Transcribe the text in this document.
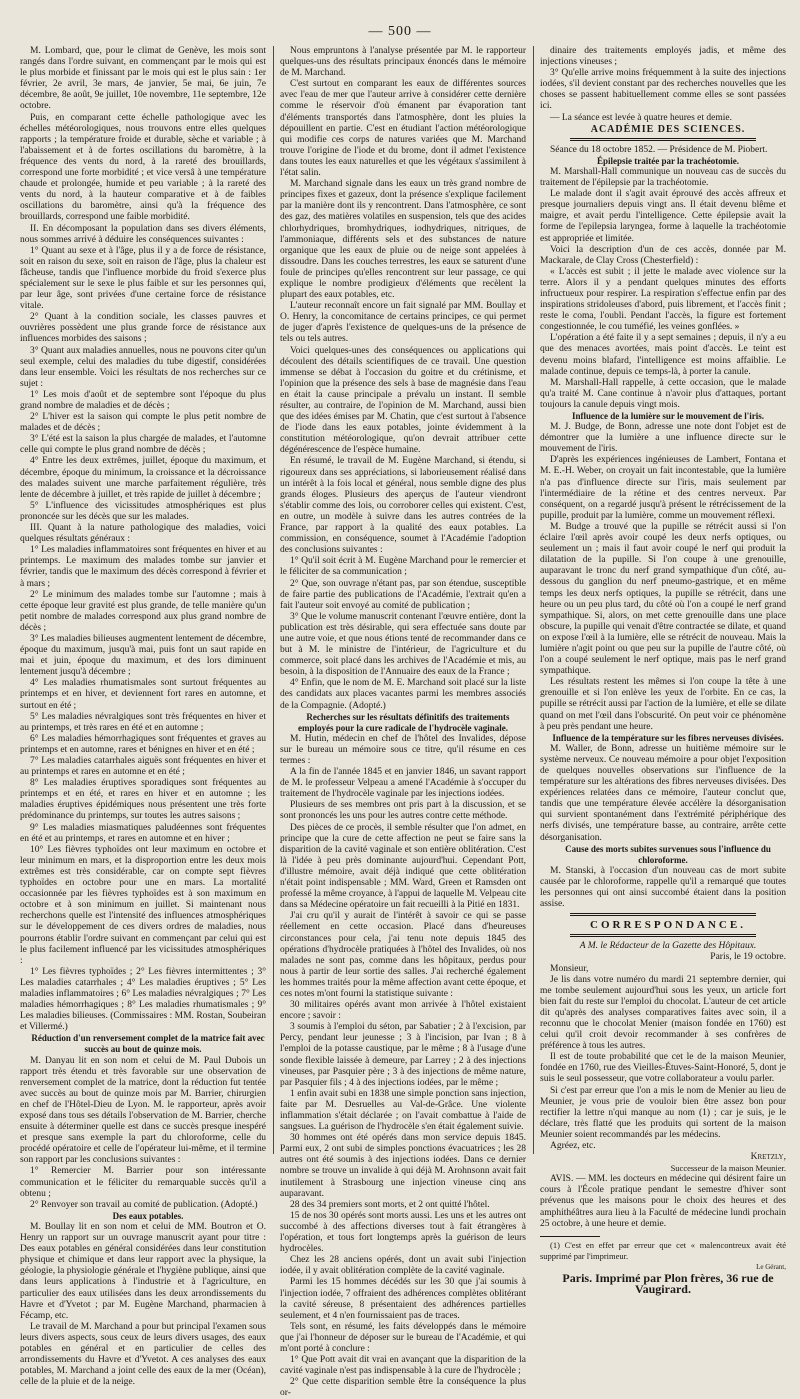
— 500 —

M. Lombard, que, pour le climat de Genève, les mois sont rangés dans l'ordre suivant, en commençant par le mois qui est le plus morbide et finissant par le mois qui est le plus sain : 1er février, 2e avril, 3e mars, 4e janvier, 5e mai, 6e juin, 7e décembre, 8e août, 9e juillet, 10e novembre, 11e septembre, 12e octobre.

Puis, en comparant cette échelle pathologique avec les échelles météorologiques, nous trouvons entre elles quelques rapports ; la température froide et durable, sèche et variable ; à l'abaissement et à de fortes oscillations du baromètre, à la fréquence des vents du nord, à la rareté des brouillards, correspond une forte morbidité ; et vice versâ à une température chaude et prolongée, humide et peu variable ; à la rareté des vents du nord, à la hauteur comparative et à de faibles oscillations du baromètre, ainsi qu'à la fréquence des brouillards, correspond une faible morbidité.

II. En décomposant la population dans ses divers éléments, nous sommes arrivé à déduire les conséquences suivantes :

1° Quant au sexe et à l'âge, plus il y a de force de résistance, soit en raison du sexe, soit en raison de l'âge, plus la chaleur est fâcheuse, tandis que l'influence morbide du froid s'exerce plus spécialement sur le sexe le plus faible et sur les personnes qui, par leur âge, sont privées d'une certaine force de résistance vitale.

2° Quant à la condition sociale, les classes pauvres et ouvrières possèdent une plus grande force de résistance aux influences morbides des saisons ;

3° Quant aux maladies annuelles, nous ne pouvons citer qu'un seul exemple, celui des maladies du tube digestif, considérées dans leur ensemble. Voici les résultats de nos recherches sur ce sujet :

1° Les mois d'août et de septembre sont l'époque du plus grand nombre de maladies et de décès ;

2° L'hiver est la saison qui compte le plus petit nombre de malades et de décès ;

3° L'été est la saison la plus chargée de malades, et l'automne celle qui compte le plus grand nombre de décès ;

4° Entre les deux extrêmes, juillet, époque du maximum, et décembre, époque du minimum, la croissance et la décroissance des malades suivent une marche parfaitement régulière, très lente de décembre à juillet, et très rapide de juillet à décembre ;

5° L'influence des vicissitudes atmosphériques est plus prononcée sur les décès que sur les malades.

III. Quant à la nature pathologique des maladies, voici quelques résultats généraux :

1° Les maladies inflammatoires sont fréquentes en hiver et au printemps. Le maximum des malades tombe sur janvier et février, tandis que le maximum des décès correspond à février et à mars ;

2° Le minimum des malades tombe sur l'automne ; mais à cette époque leur gravité est plus grande, de telle manière qu'un petit nombre de malades correspond aux plus grand nombre de décès ;

3° Les maladies bilieuses augmentent lentement de décembre, époque du maximum, jusqu'à mai, puis font un saut rapide en mai et juin, époque du maximum, et des lors diminuent lentement jusqu'à décembre ;

4° Les maladies rhumatismales sont surtout fréquentes au printemps et en hiver, et deviennent fort rares en automne, et surtout en été ;

5° Les maladies névralgiques sont très fréquentes en hiver et au printemps, et très rares en été et en automne ;

6° Les maladies hémorrhagiques sont fréquentes et graves au printemps et en automne, rares et bénignes en hiver et en été ;

7° Les maladies catarrhales aiguës sont fréquentes en hiver et au printemps et rares en automne et en été ;

8° Les maladies éruptives sporadiques sont fréquentes au printemps et en été, et rares en hiver et en automne ; les maladies éruptives épidémiques nous présentent une très forte prédominance du printemps, sur toutes les autres saisons ;

9° Les maladies miasmatiques paludéennes sont fréquentes en été et au printemps, et rares en automne et en hiver ;

10° Les fièvres typhoïdes ont leur maximum en octobre et leur minimum en mars, et la disproportion entre les deux mois extrêmes est très considérable, car on compte sept fièvres typhoïdes en octobre pour une en mars. La mortalité occasionnée par les fièvres typhoïdes est à son maximum en octobre et à son minimum en juillet. Si maintenant nous recherchons quelle est l'intensité des influences atmosphériques sur le développement de ces divers ordres de maladies, nous pourrons établir l'ordre suivant en commençant par celui qui est le plus facilement influencé par les vicissitudes atmosphériques :

1° Les fièvres typhoïdes ; 2° Les fièvres intermittentes ; 3° Les maladies catarrhales ; 4° Les maladies éruptives ; 5° Les maladies inflammatoires ; 6° Les maladies névralgiques ; 7° Les maladies hémorrhagiques ; 8° Les maladies rhumatismales ; 9° Les maladies bilieuses. (Commissaires : MM. Rostan, Soubeiran et Villermé.)

Réduction d'un renversement complet de la matrice fait avec succès au bout de quinze mois.

M. Danyau lit en son nom et celui de M. Paul Dubois un rapport très étendu et très favorable sur une observation de renversement complet de la matrice, dont la réduction fut tentée avec succès au bout de quinze mois par M. Barrier, chirurgien en chef de l'Hôtel-Dieu de Lyon. M. le rapporteur, après avoir exposé dans tous ses détails l'observation de M. Barrier, cherche ensuite à déterminer quelle est dans ce succès presque inespéré et presque sans exemple la part du chloroforme, celle du procédé opératoire et celle de l'opérateur lui-même, et il termine son rapport par les conclusions suivantes :

1° Remercier M. Barrier pour son intéressante communication et le féliciter du remarquable succès qu'il a obtenu ;

2° Renvoyer son travail au comité de publication. (Adopté.)

Des eaux potables.

M. Boullay lit en son nom et celui de MM. Boutron et O. Henry un rapport sur un ouvrage manuscrit ayant pour titre : Des eaux potables en général considérées dans leur constitution physique et chimique et dans leur rapport avec la physique, la géologie, la physiologie générale et l'hygiène publique, ainsi que dans leurs applications à l'industrie et à l'agriculture, en particulier des eaux utilisées dans les deux arrondissements du Havre et d'Yvetot ; par M. Eugène Marchand, pharmacien à Fécamp, etc.

Le travail de M. Marchand a pour but principal l'examen sous leurs divers aspects, sous ceux de leurs divers usages, des eaux potables en général et en particulier de celles des arrondissements du Havre et d'Yvetot. A ces analyses des eaux potables, M. Marchand a joint celle des eaux de la mer (Océan), celle de la pluie et de la neige.

Nous empruntons à l'analyse présentée par M. le rapporteur quelques-uns des résultats principaux énoncés dans le mémoire de M. Marchand.

C'est surtout en comparant les eaux de différentes sources avec l'eau de mer que l'auteur arrive à considérer cette dernière comme le réservoir d'où émanent par évaporation tant d'éléments transportés dans l'atmosphère, dont les pluies la dépouillent en partie. C'est en étudiant l'action météorologique qui modifie ces corps de natures variées que M. Marchand trouve l'origine de l'iode et du brome, dont il admet l'existence dans toutes les eaux naturelles et que les végétaux s'assimilent à l'état salin.

M. Marchand signale dans les eaux un très grand nombre de principes fixes et gazeux, dont la présence s'explique facilement par la manière dont ils y rencontrent. Dans l'atmosphère, ce sont des gaz, des matières volatiles en suspension, tels que des acides chlorhydriques, bromhydriques, iodhydriques, nitriques, de l'ammoniaque, différents sels et des substances de nature organique que les eaux de pluie ou de neige sont appelées à dissoudre. Dans les couches terrestres, les eaux se saturent d'une foule de principes qu'elles rencontrent sur leur passage, ce qui explique le nombre prodigieux d'éléments que recèlent la plupart des eaux potables, etc.

L'auteur reconnaît encore un fait signalé par MM. Boullay et O. Henry, la concomitance de certains principes, ce qui permet de juger d'après l'existence de quelques-uns de la présence de tels ou tels autres.

Voici quelques-unes des conséquences ou applications qui découlent des détails scientifiques de ce travail. Une question immense se débat à l'occasion du goitre et du crétinisme, et l'opinion que la présence des sels à base de magnésie dans l'eau en était la cause principale a prévalu un instant. Il semble résulter, au contraire, de l'opinion de M. Marchand, aussi bien que des idées émises par M. Chatin, que c'est surtout à l'absence de l'iode dans les eaux potables, jointe évidemment à la constitution météorologique, qu'on devrait attribuer cette dégénérescence de l'espèce humaine.

En résumé, le travail de M. Eugène Marchand, si étendu, si rigoureux dans ses appréciations, si laborieusement réalisé dans un intérêt à la fois local et général, nous semble digne des plus grands éloges. Plusieurs des aperçus de l'auteur viendront s'établir comme des lois, ou corroborer celles qui existent. C'est, en outre, un modèle à suivre dans les autres contrées de la France, par rapport à la qualité des eaux potables. La commission, en conséquence, soumet à l'Académie l'adoption des conclusions suivantes :

1° Qu'il soit écrit à M. Eugène Marchand pour le remercier et le féliciter de sa communication ;

2° Que, son ouvrage n'étant pas, par son étendue, susceptible de faire partie des publications de l'Académie, l'extrait qu'en a fait l'auteur soit envoyé au comité de publication ;

3° Que le volume manuscrit contenant l'œuvre entière, dont la publication est très désirable, qui sera effectuée sans doute par une autre voie, et que nous étions tenté de recommander dans ce but à M. le ministre de l'intérieur, de l'agriculture et du commerce, soit placé dans les archives de l'Académie et mis, au besoin, à la disposition de l'Annuaire des eaux de la France ;

4° Enfin, que le nom de M. E. Marchand soit placé sur la liste des candidats aux places vacantes parmi les membres associés de la Compagnie. (Adopté.)

Recherches sur les résultats définitifs des traitements employés pour la cure radicale de l'hydrocèle vaginale.

M. Hutin, médecin en chef de l'hôtel des Invalides, dépose sur le bureau un mémoire sous ce titre, qu'il résume en ces termes :

A la fin de l'année 1845 et en janvier 1846, un savant rapport de M. le professeur Velpeau a amené l'Académie à s'occuper du traitement de l'hydrocèle vaginale par les injections iodées.

Plusieurs de ses membres ont pris part à la discussion, et se sont prononcés les uns pour les autres contre cette méthode.

Des pièces de ce procès, il semble résulter que l'on admet, en principe que la cure de cette affection ne peut se faire sans la disparition de la cavité vaginale et son entière oblitération. C'est là l'idée à peu près dominante aujourd'hui. Cependant Pott, d'illustre mémoire, avait déjà indiqué que cette oblitération n'était point indispensable ; MM. Ward, Green et Ramsden ont professé la même croyance, à l'appui de laquelle M. Velpeau cite dans sa Médecine opératoire un fait recueilli à la Pitié en 1831.

J'ai cru qu'il y aurait de l'intérêt à savoir ce qui se passe réellement en cette occasion. Placé dans d'heureuses circonstances pour cela, j'ai tenu note depuis 1845 des opérations d'hydrocèle pratiquées à l'hôtel des Invalides, où nos malades ne sont pas, comme dans les hôpitaux, perdus pour nous à partir de leur sortie des salles. J'ai recherché également les hommes traités pour la même affection avant cette époque, et ces notes m'ont fourni la statistique suivante :

30 militaires opérés avant mon arrivée à l'hôtel existaient encore ; savoir :

3 soumis à l'emploi du séton, par Sabatier ; 2 à l'excision, par Percy, pendant leur jeunesse ; 3 à l'incision, par Ivan ; 8 à l'emploi de la potasse caustique, par le même ; 8 à l'usage d'une sonde flexible laissée à demeure, par Larrey ; 2 à des injections vineuses, par Pasquier père ; 3 à des injections de même nature, par Pasquier fils ; 4 à des injections iodées, par le même ;

1 enfin avait subi en 1838 une simple ponction sans injection, faite par M. Desruelles au Val-de-Grâce. Une violente inflammation s'était déclarée ; on l'avait combattue à l'aide de sangsues. La guérison de l'hydrocèle s'en était également suivie.

30 hommes ont été opérés dans mon service depuis 1845. Parmi eux, 2 ont subi de simples ponctions évacuatrices ; les 28 autres ont été soumis à des injections iodées. Dans ce dernier nombre se trouve un invalide à qui déjà M. Arohnsonn avait fait inutilement à Strasbourg une injection vineuse cinq ans auparavant.

28 des 34 premiers sont morts, et 2 ont quitté l'hôtel.

15 de nos 30 opérés sont morts aussi. Les uns et les autres ont succombé à des affections diverses tout à fait étrangères à l'opération, et tous fort longtemps après la guérison de leurs hydrocèles.

Chez les 28 anciens opérés, dont un avait subi l'injection iodée, il y avait oblitération complète de la cavité vaginale.

Parmi les 15 hommes décédés sur les 30 que j'ai soumis à l'injection iodée, 7 offraient des adhérences complètes oblitérant la cavité séreuse, 8 présentaient des adhérences partielles seulement, et 4 n'en fournissaient pas de traces.

Tels sont, en résumé, les faits développés dans le mémoire que j'ai l'honneur de déposer sur le bureau de l'Académie, et qui m'ont porté à conclure :

1° Que Pott avait dit vrai en avançant que la disparition de la cavité vaginale n'est pas indispensable à la cure de l'hydrocèle ;

2° Que cette disparition semble être la conséquence la plus or-

dinaire des traitements employés jadis, et même des injections vineuses ;

3° Qu'elle arrive moins fréquemment à la suite des injections iodées, s'il devient constant par des recherches nouvelles que les choses se passent habituellement comme elles se sont passées ici.

— La séance est levée à quatre heures et demie.

ACADÉMIE DES SCIENCES.

Séance du 18 octobre 1852. — Présidence de M. Piobert.

Épilepsie traitée par la trachéotomie.

M. Marshall-Hall communique un nouveau cas de succès du traitement de l'épilepsie par la trachéotomie.

Le malade dont il s'agit avait éprouvé des accès affreux et presque journaliers depuis vingt ans. Il était devenu blême et maigre, et avait perdu l'intelligence. Cette épilepsie avait la forme de l'epilepsia laryngea, forme à laquelle la trachéotomie est appropriée et limitée.

Voici la description d'un de ces accès, donnée par M. Mackarale, de Clay Cross (Chesterfield) :

« L'accès est subit ; il jette le malade avec violence sur la terre. Alors il y a pendant quelques minutes des efforts infructueux pour respirer. La respiration s'effectue enfin par des inspirations stridoleuses d'abord, puis librement, et l'accès finit ; reste le coma, l'oubli. Pendant l'accès, la figure est fortement congestionnée, le cou tuméfié, les veines gonflées. »

L'opération a été faite il y a sept semaines ; depuis, il n'y a eu que des menaces avortées, mais point d'accès. Le teint est devenu moins blafard, l'intelligence est moins affaiblie. Le malade continue, depuis ce temps-là, à porter la canule.

M. Marshall-Hall rappelle, à cette occasion, que le malade qu'a traité M. Cane continue à n'avoir plus d'attaques, portant toujours la canule depuis vingt mois.

Influence de la lumière sur le mouvement de l'iris.

M. J. Budge, de Bonn, adresse une note dont l'objet est de démontrer que la lumière a une influence directe sur le mouvement de l'iris.

D'après les expériences ingénieuses de Lambert, Fontana et M. E.-H. Weber, on croyait un fait incontestable, que la lumière n'a pas d'influence directe sur l'iris, mais seulement par l'intermédiaire de la rétine et des centres nerveux. Par conséquent, on a regardé jusqu'à présent le rétrécissement de la pupille, produit par la lumière, comme un mouvement réflexi.

M. Budge a trouvé que la pupille se rétrécit aussi si l'on éclaire l'œil après avoir coupé les deux nerfs optiques, ou seulement un ; mais il faut avoir coupé le nerf qui produit la dilatation de la pupille. Si l'on coupe à une grenouille, auparavant le tronc du nerf grand sympathique d'un côté, au-dessous du ganglion du nerf pneumo-gastrique, et en même temps les deux nerfs optiques, la pupille se rétrécit, dans une heure ou un peu plus tard, du côté où l'on a coupé le nerf grand sympathique. Si, alors, on met cette grenouille dans une place obscure, la pupille qui venait d'être contractée se dilate, et quand on expose l'œil à la lumière, elle se rétrécit de nouveau. Mais la lumière n'agit point ou que peu sur la pupille de l'autre côté, où l'on a coupé seulement le nerf optique, mais pas le nerf grand sympathique.

Les résultats restent les mêmes si l'on coupe la tête à une grenouille et si l'on enlève les yeux de l'orbite. En ce cas, la pupille se rétrécit aussi par l'action de la lumière, et elle se dilate quand on met l'œil dans l'obscurité. On peut voir ce phénomène à peu près pendant une heure.

Influence de la température sur les fibres nerveuses divisées.

M. Waller, de Bonn, adresse un huitième mémoire sur le système nerveux. Ce nouveau mémoire a pour objet l'exposition de quelques nouvelles observations sur l'influence de la température sur les altérations des fibres nerveuses divisées. Des expériences relatées dans ce mémoire, l'auteur conclut que, tandis que une température élevée accélère la désorganisation qui survient spontanément dans l'extrémité périphérique des nerfs divisés, une température basse, au contraire, arrête cette désorganisation.

Cause des morts subites survenues sous l'influence du chloroforme.

M. Stanski, à l'occasion d'un nouveau cas de mort subite causée par le chloroforme, rappelle qu'il a remarqué que toutes les personnes qui ont ainsi succombé étaient dans la position assise.

CORRESPONDANCE.

A M. le Rédacteur de la Gazette des Hôpitaux.

Paris, le 19 octobre.

Monsieur,

Je lis dans votre numéro du mardi 21 septembre dernier, qui me tombe seulement aujourd'hui sous les yeux, un article fort bien fait du reste sur l'emploi du chocolat. L'auteur de cet article dit qu'après des analyses comparatives faites avec soin, il a reconnu que le chocolat Menier (maison fondée en 1760) est celui qu'il croit devoir recommander à ses confrères de préférence à tous les autres.

Il est de toute probabilité que cet le de la maison Meunier, fondée en 1760, rue des Vieilles-Étuves-Saint-Honoré, 5, dont je suis le seul possesseur, que votre collaborateur a voulu parler.

Si c'est par erreur que l'on a mis le nom de Menier au lieu de Meunier, je vous prie de vouloir bien être assez bon pour rectifier la lettre n'qui manque au nom (1) ; car je suis, je le déclare, très flatté que les produits qui sortent de la maison Meunier soient recommandés par les médecins.

Agréez, etc.

Kretzly,

Successeur de la maison Meunier.

AVIS. — MM. les docteurs en médecine qui désirent faire un cours à l'École pratique pendant le semestre d'hiver sont prévenus que les maisons pour le choix des heures et des amphithéâtres aura lieu à la Faculté de médecine lundi prochain 25 octobre, à une heure et demie.

(1) C'est en effet par erreur que cet « malencontreux avait été supprimé par l'imprimeur.

Le Gérant,

Paris. Imprimé par Plon frères, 36 rue de Vaugirard.
